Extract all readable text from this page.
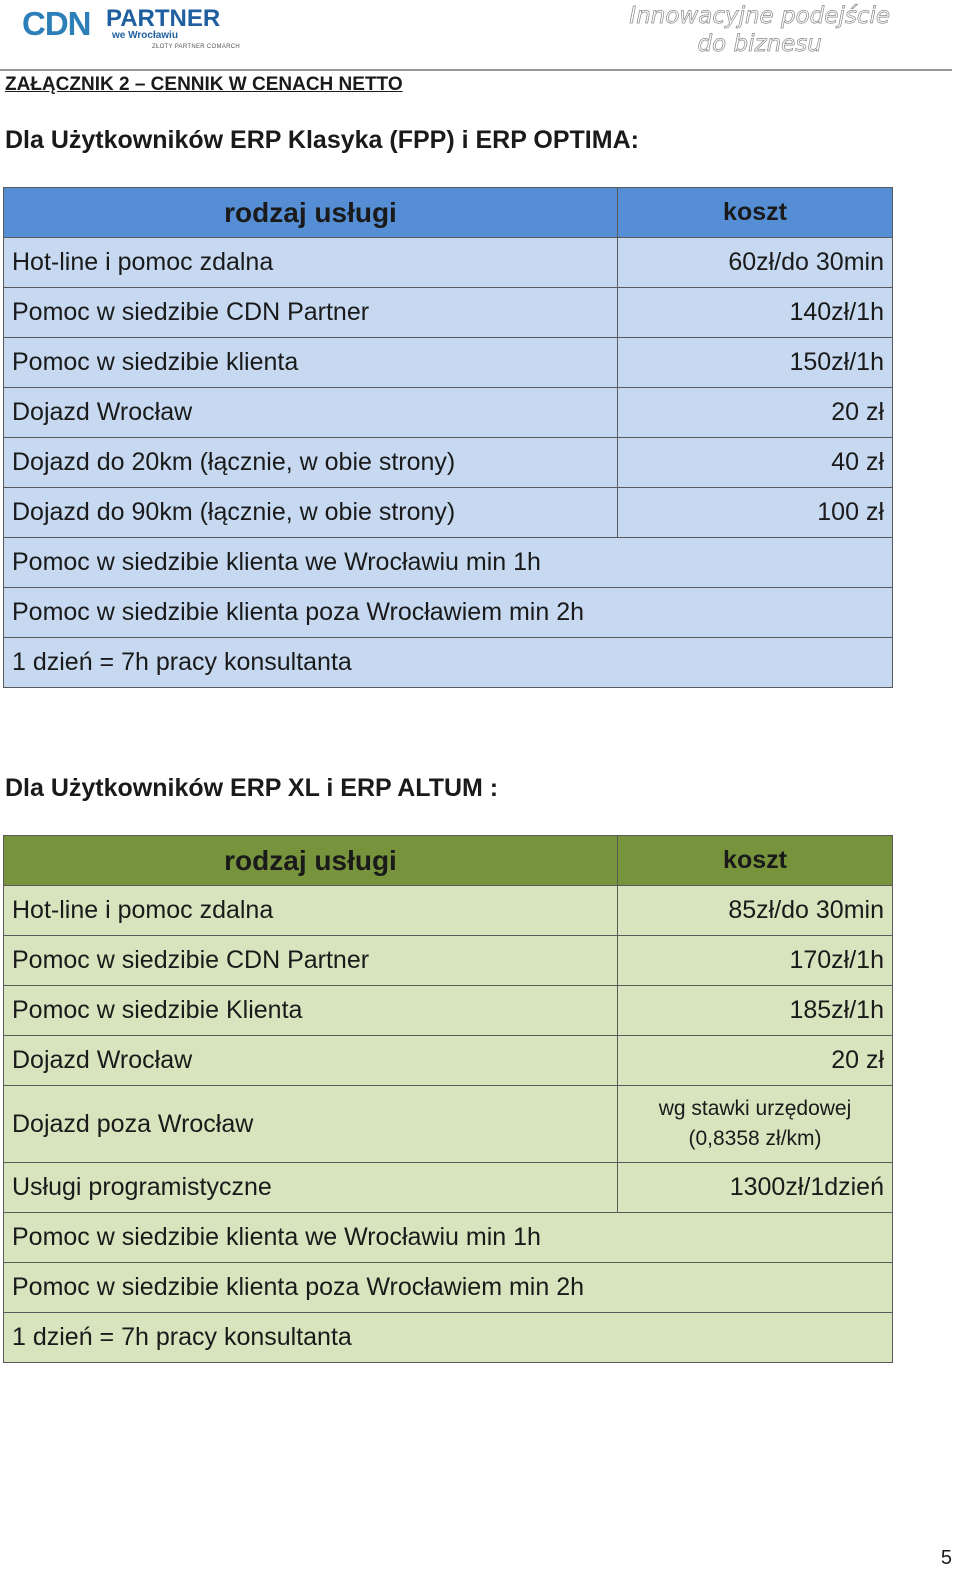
CDN PARTNER
we Wrocławiu
ZŁOTY PARTNER COMARCH
Innowacyjne podejście
do biznesu
ZAŁĄCZNIK 2 – CENNIK W CENACH NETTO
Dla Użytkowników ERP Klasyka (FPP) i ERP OPTIMA:
rodzaj usługi	koszt
Hot-line i pomoc zdalna	60zł/do 30min
Pomoc w siedzibie CDN Partner	140zł/1h
Pomoc w siedzibie klienta	150zł/1h
Dojazd Wrocław	20 zł
Dojazd do 20km (łącznie, w obie strony)	40 zł
Dojazd do 90km (łącznie, w obie strony)	100 zł
Pomoc w siedzibie klienta we Wrocławiu min 1h	
Pomoc w siedzibie klienta poza Wrocławiem min 2h	
1 dzień = 7h pracy konsultanta	
Dla Użytkowników ERP XL i ERP ALTUM :
rodzaj usługi	koszt
Hot-line i pomoc zdalna	85zł/do 30min
Pomoc w siedzibie CDN Partner	170zł/1h
Pomoc w siedzibie Klienta	185zł/1h
Dojazd Wrocław	20 zł
Dojazd poza Wrocław	wg stawki urzędowej
(0,8358 zł/km)

Usługi programistyczne	1300zł/1dzień
Pomoc w siedzibie klienta we Wrocławiu min 1h	
Pomoc w siedzibie klienta poza Wrocławiem min 2h	
1 dzień = 7h pracy konsultanta	
5
